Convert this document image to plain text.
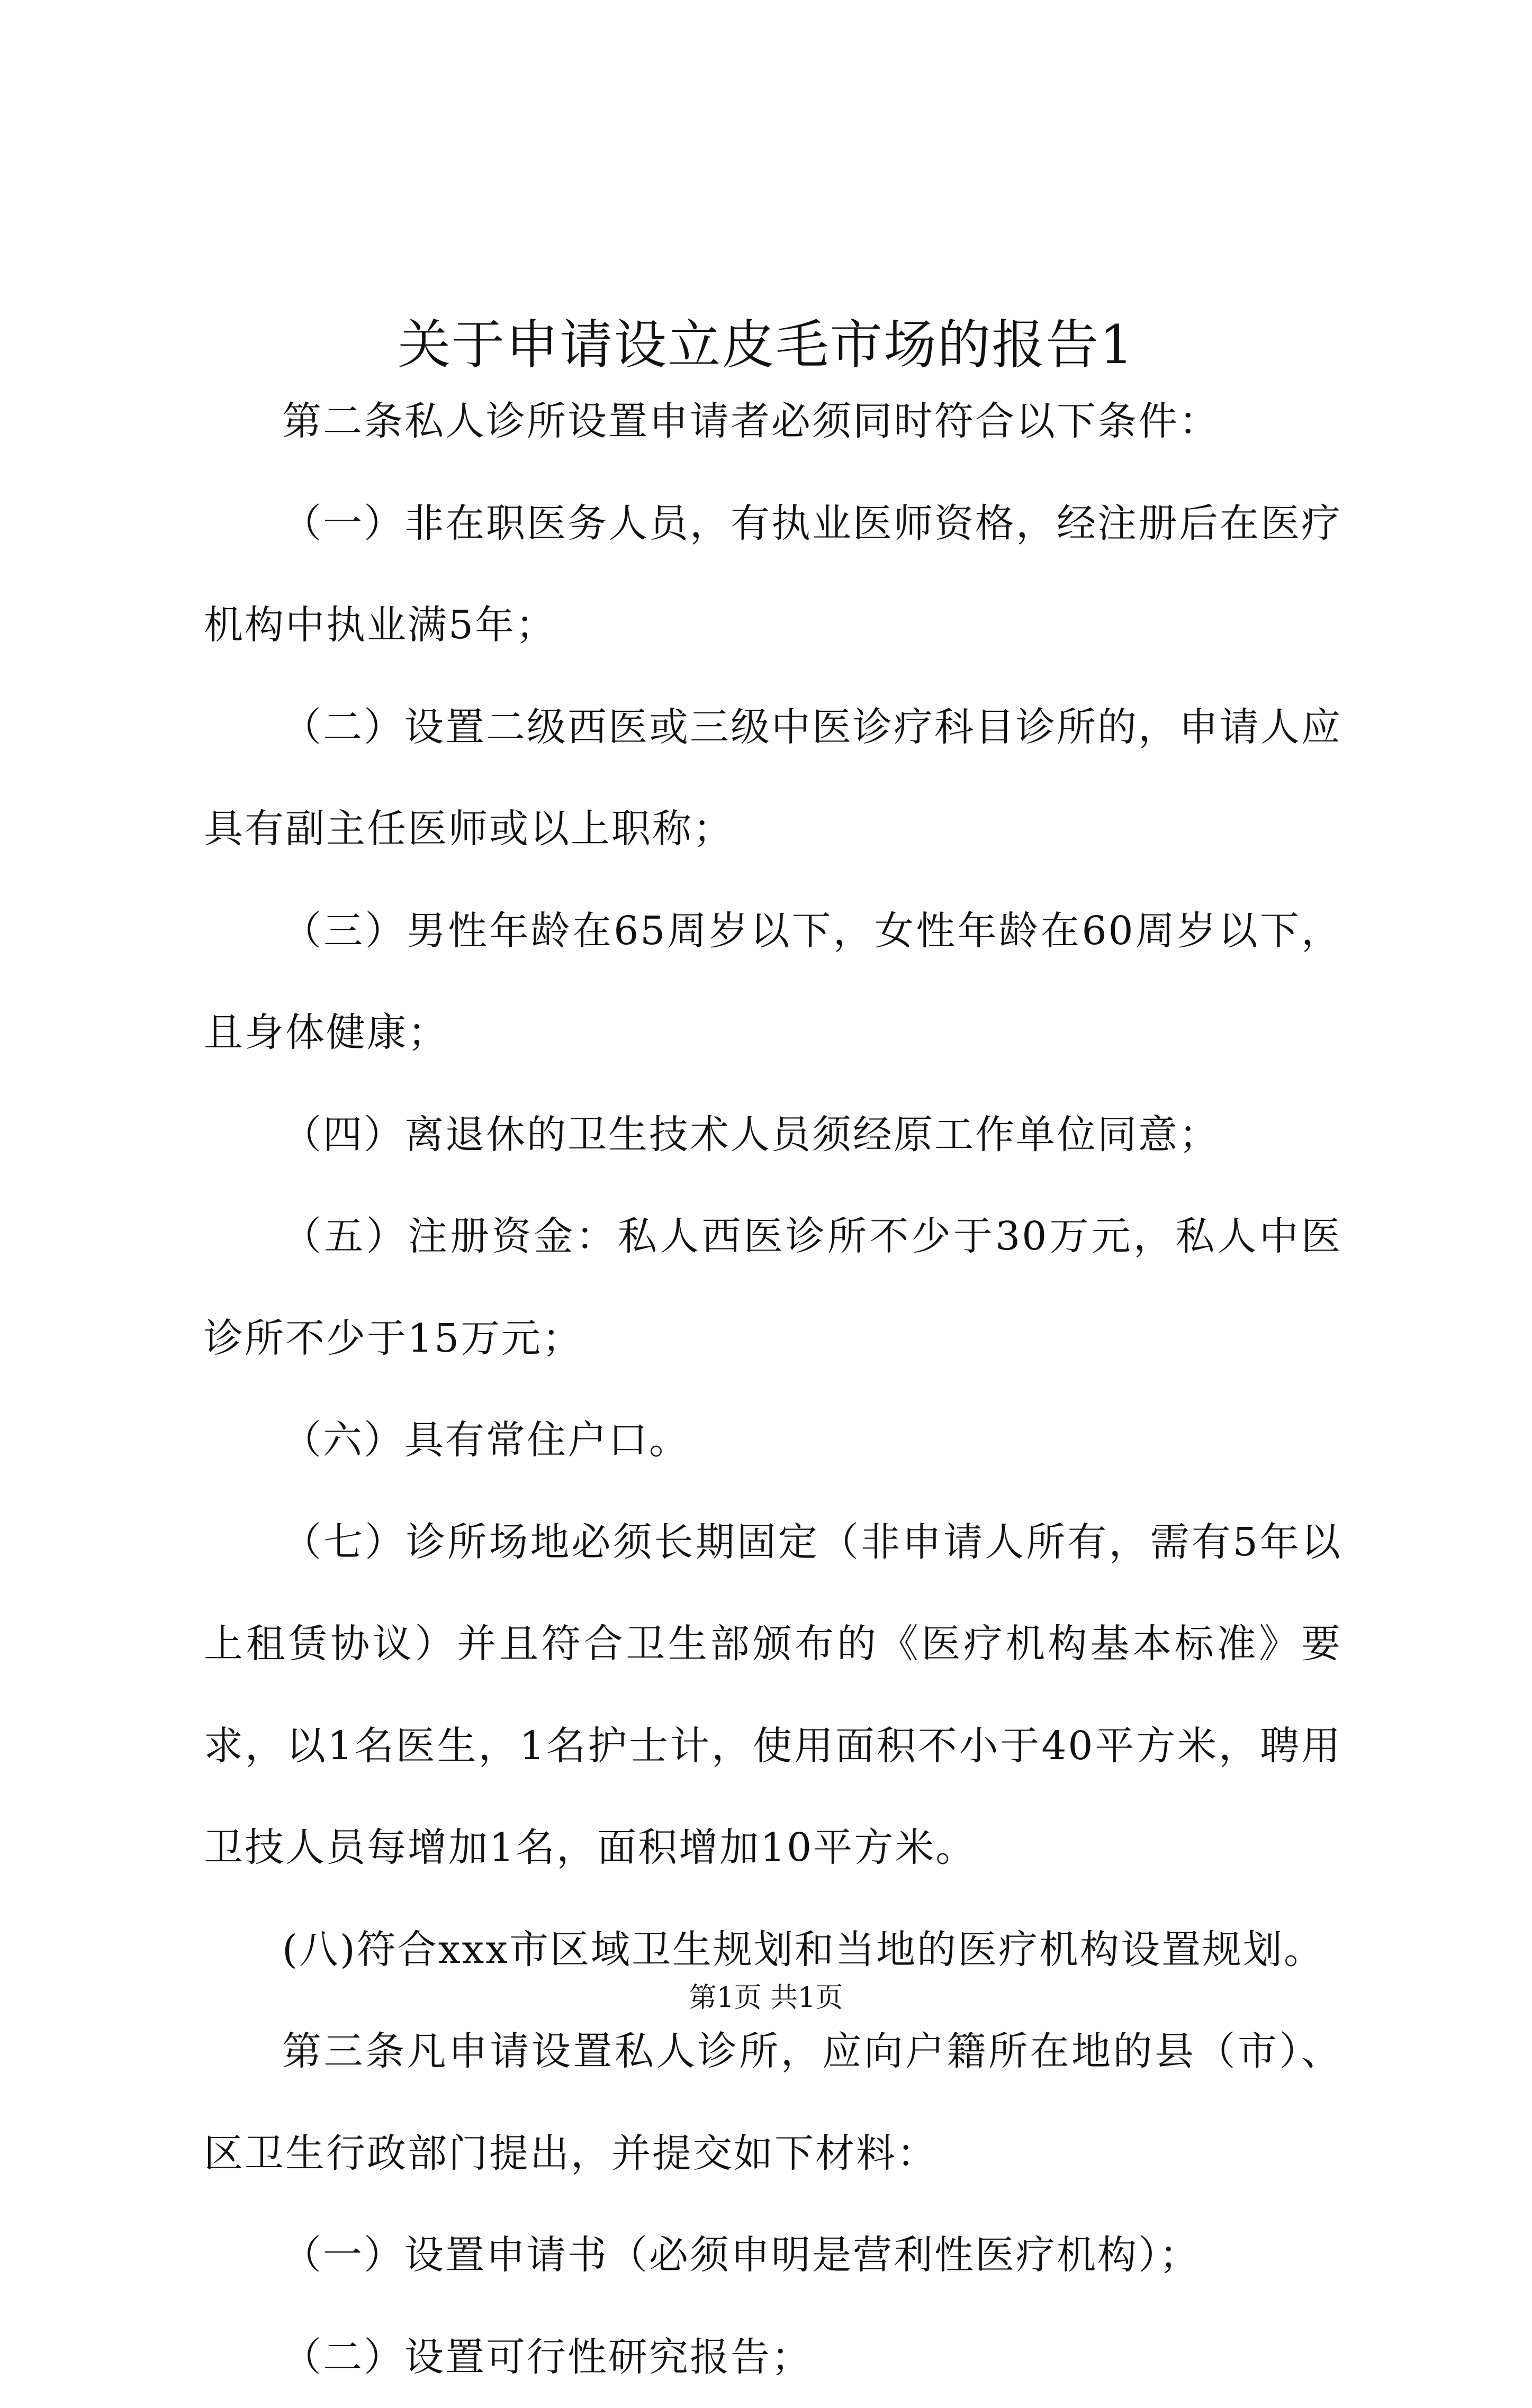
关于申请设立皮毛市场的报告1

第二条私人诊所设置申请者必须同时符合以下条件：

（一）非在职医务人员，有执业医师资格，经注册后在医疗机构中执业满5年；

（二）设置二级西医或三级中医诊疗科目诊所的，申请人应具有副主任医师或以上职称；

（三）男性年龄在65周岁以下，女性年龄在60周岁以下，且身体健康；

（四）离退休的卫生技术人员须经原工作单位同意；

（五）注册资金：私人西医诊所不少于30万元，私人中医诊所不少于15万元；

（六）具有常住户口。

（七）诊所场地必须长期固定（非申请人所有，需有5年以上租赁协议）并且符合卫生部颁布的《医疗机构基本标准》要求，以1名医生，1名护士计，使用面积不小于40平方米，聘用卫技人员每增加1名，面积增加10平方米。

(八)符合xxx市区域卫生规划和当地的医疗机构设置规划。

第三条凡申请设置私人诊所，应向户籍所在地的县（市）、区卫生行政部门提出，并提交如下材料：

（一）设置申请书（必须申明是营利性医疗机构）；

（二）设置可行性研究报告；

第1页 共1页
